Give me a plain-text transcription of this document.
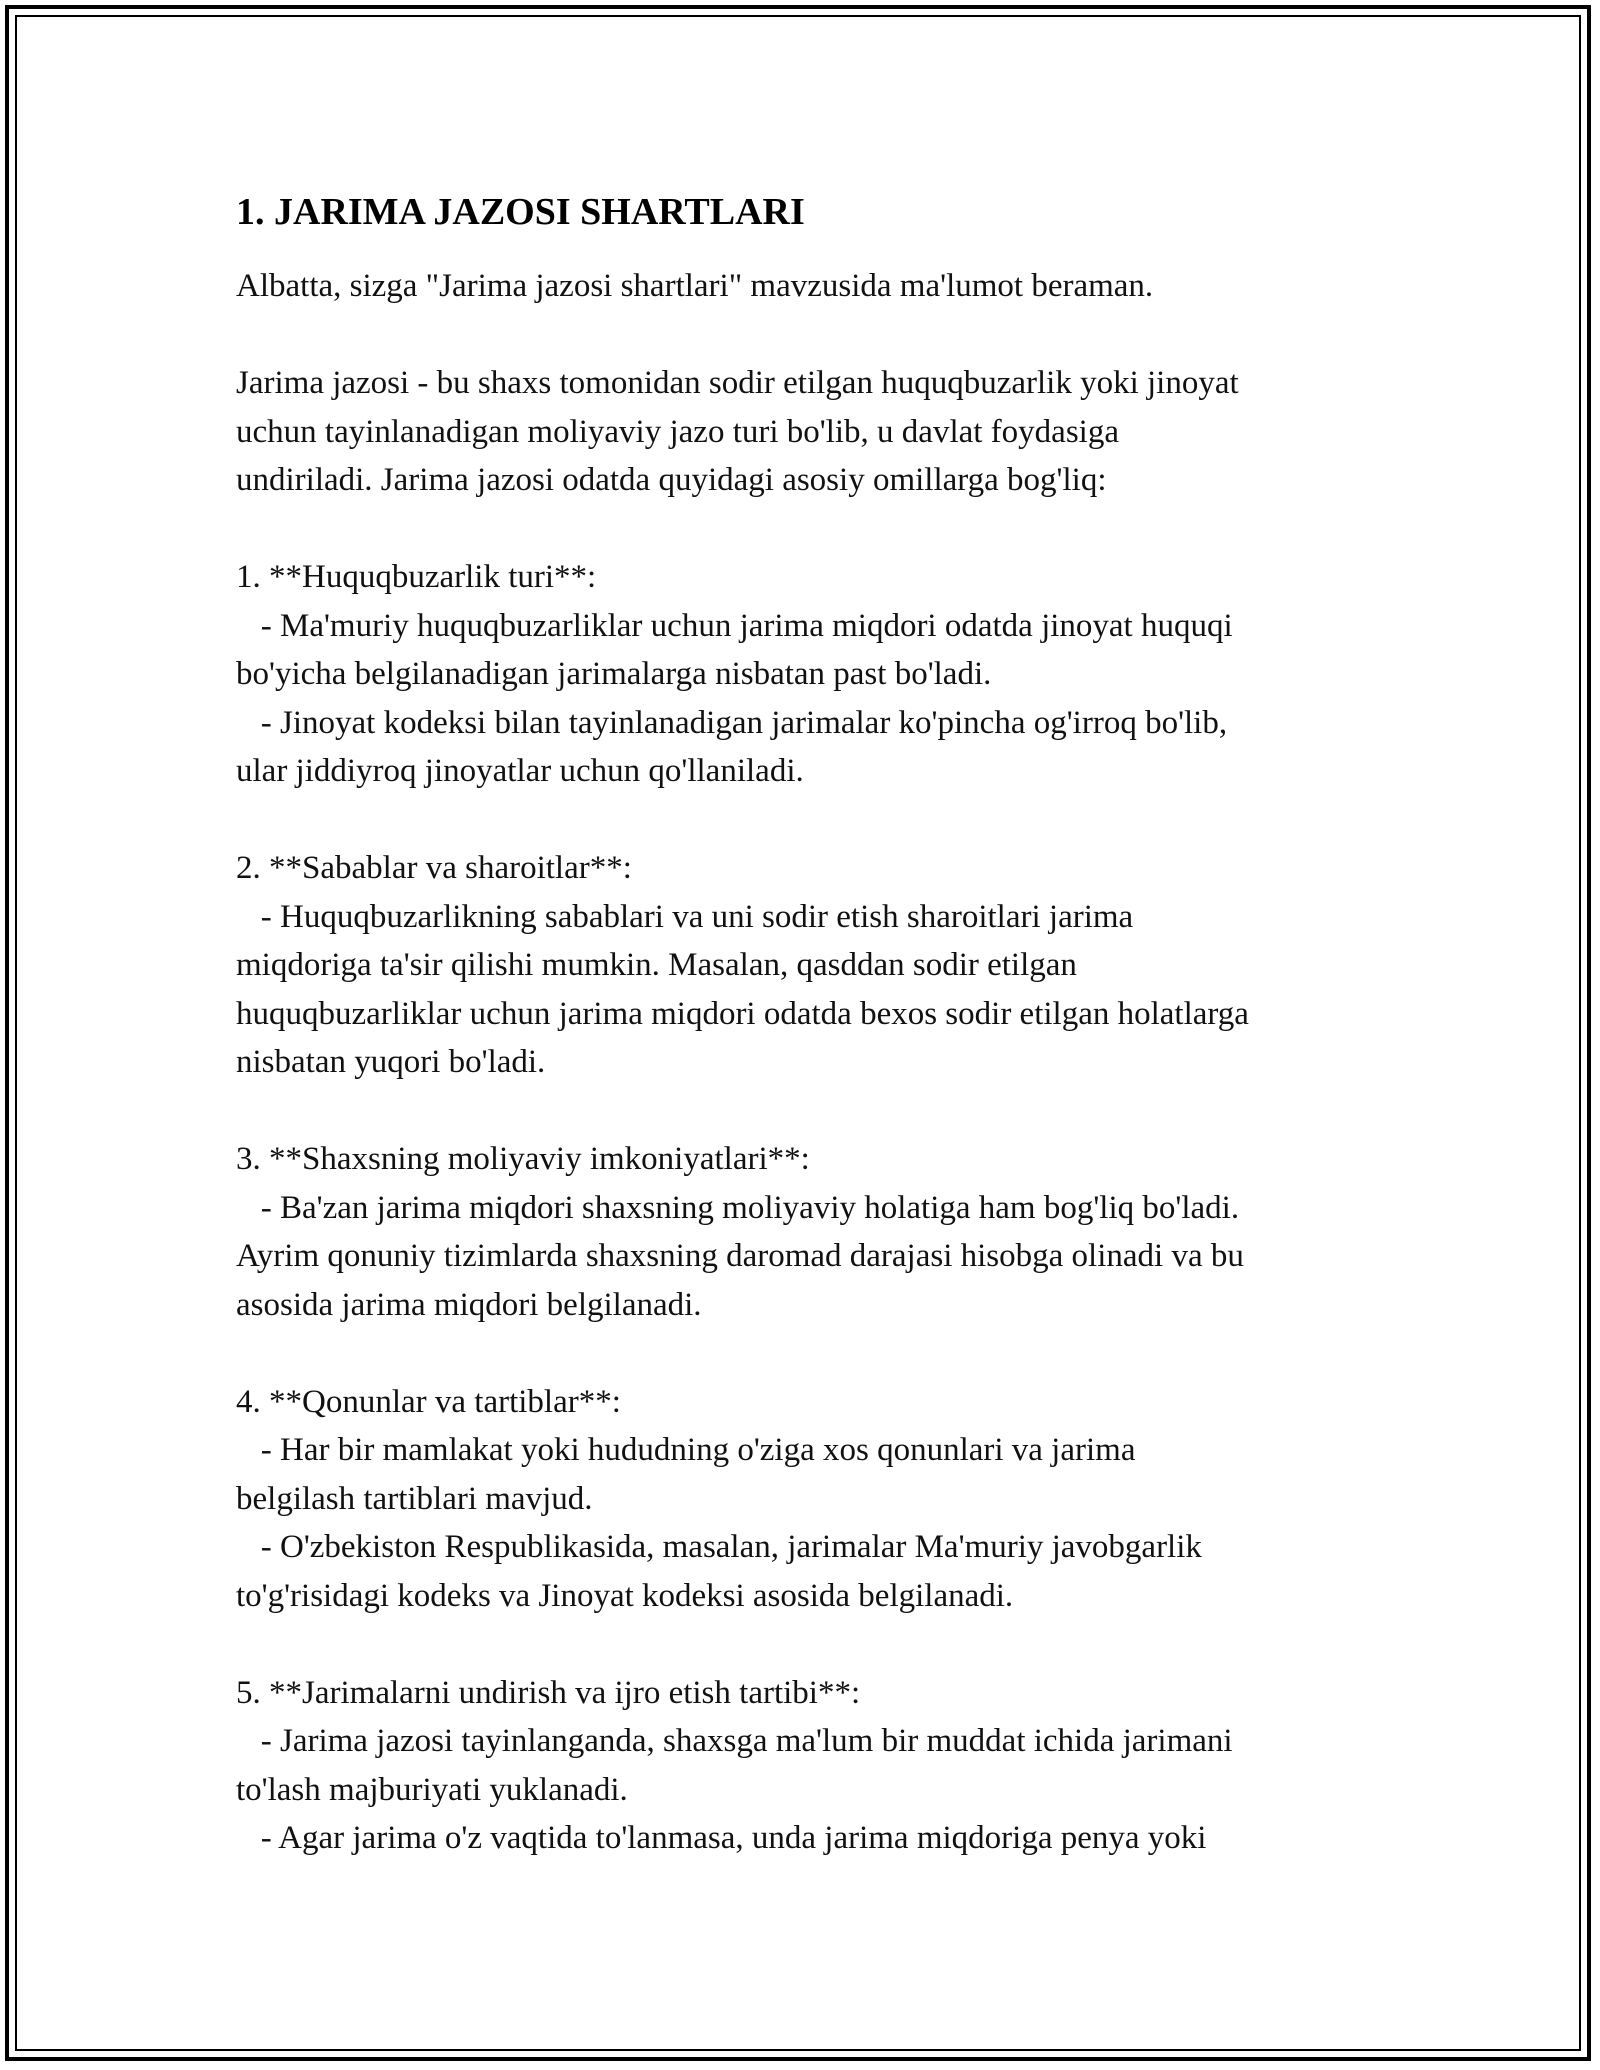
1. JARIMA JAZOSI SHARTLARI
Albatta, sizga "Jarima jazosi shartlari" mavzusida ma'lumot beraman.
Jarima jazosi - bu shaxs tomonidan sodir etilgan huquqbuzarlik yoki jinoyat
uchun tayinlanadigan moliyaviy jazo turi bo'lib, u davlat foydasiga
undiriladi. Jarima jazosi odatda quyidagi asosiy omillarga bog'liq:
1. **Huquqbuzarlik turi**:
- Ma'muriy huquqbuzarliklar uchun jarima miqdori odatda jinoyat huquqi
bo'yicha belgilanadigan jarimalarga nisbatan past bo'ladi.
- Jinoyat kodeksi bilan tayinlanadigan jarimalar ko'pincha og'irroq bo'lib,
ular jiddiyroq jinoyatlar uchun qo'llaniladi.
2. **Sabablar va sharoitlar**:
- Huquqbuzarlikning sabablari va uni sodir etish sharoitlari jarima
miqdoriga ta'sir qilishi mumkin. Masalan, qasddan sodir etilgan
huquqbuzarliklar uchun jarima miqdori odatda bexos sodir etilgan holatlarga
nisbatan yuqori bo'ladi.
3. **Shaxsning moliyaviy imkoniyatlari**:
- Ba'zan jarima miqdori shaxsning moliyaviy holatiga ham bog'liq bo'ladi.
Ayrim qonuniy tizimlarda shaxsning daromad darajasi hisobga olinadi va bu
asosida jarima miqdori belgilanadi.
4. **Qonunlar va tartiblar**:
- Har bir mamlakat yoki hududning o'ziga xos qonunlari va jarima
belgilash tartiblari mavjud.
- O'zbekiston Respublikasida, masalan, jarimalar Ma'muriy javobgarlik
to'g'risidagi kodeks va Jinoyat kodeksi asosida belgilanadi.
5. **Jarimalarni undirish va ijro etish tartibi**:
- Jarima jazosi tayinlanganda, shaxsga ma'lum bir muddat ichida jarimani
to'lash majburiyati yuklanadi.
- Agar jarima o'z vaqtida to'lanmasa, unda jarima miqdoriga penya yoki
